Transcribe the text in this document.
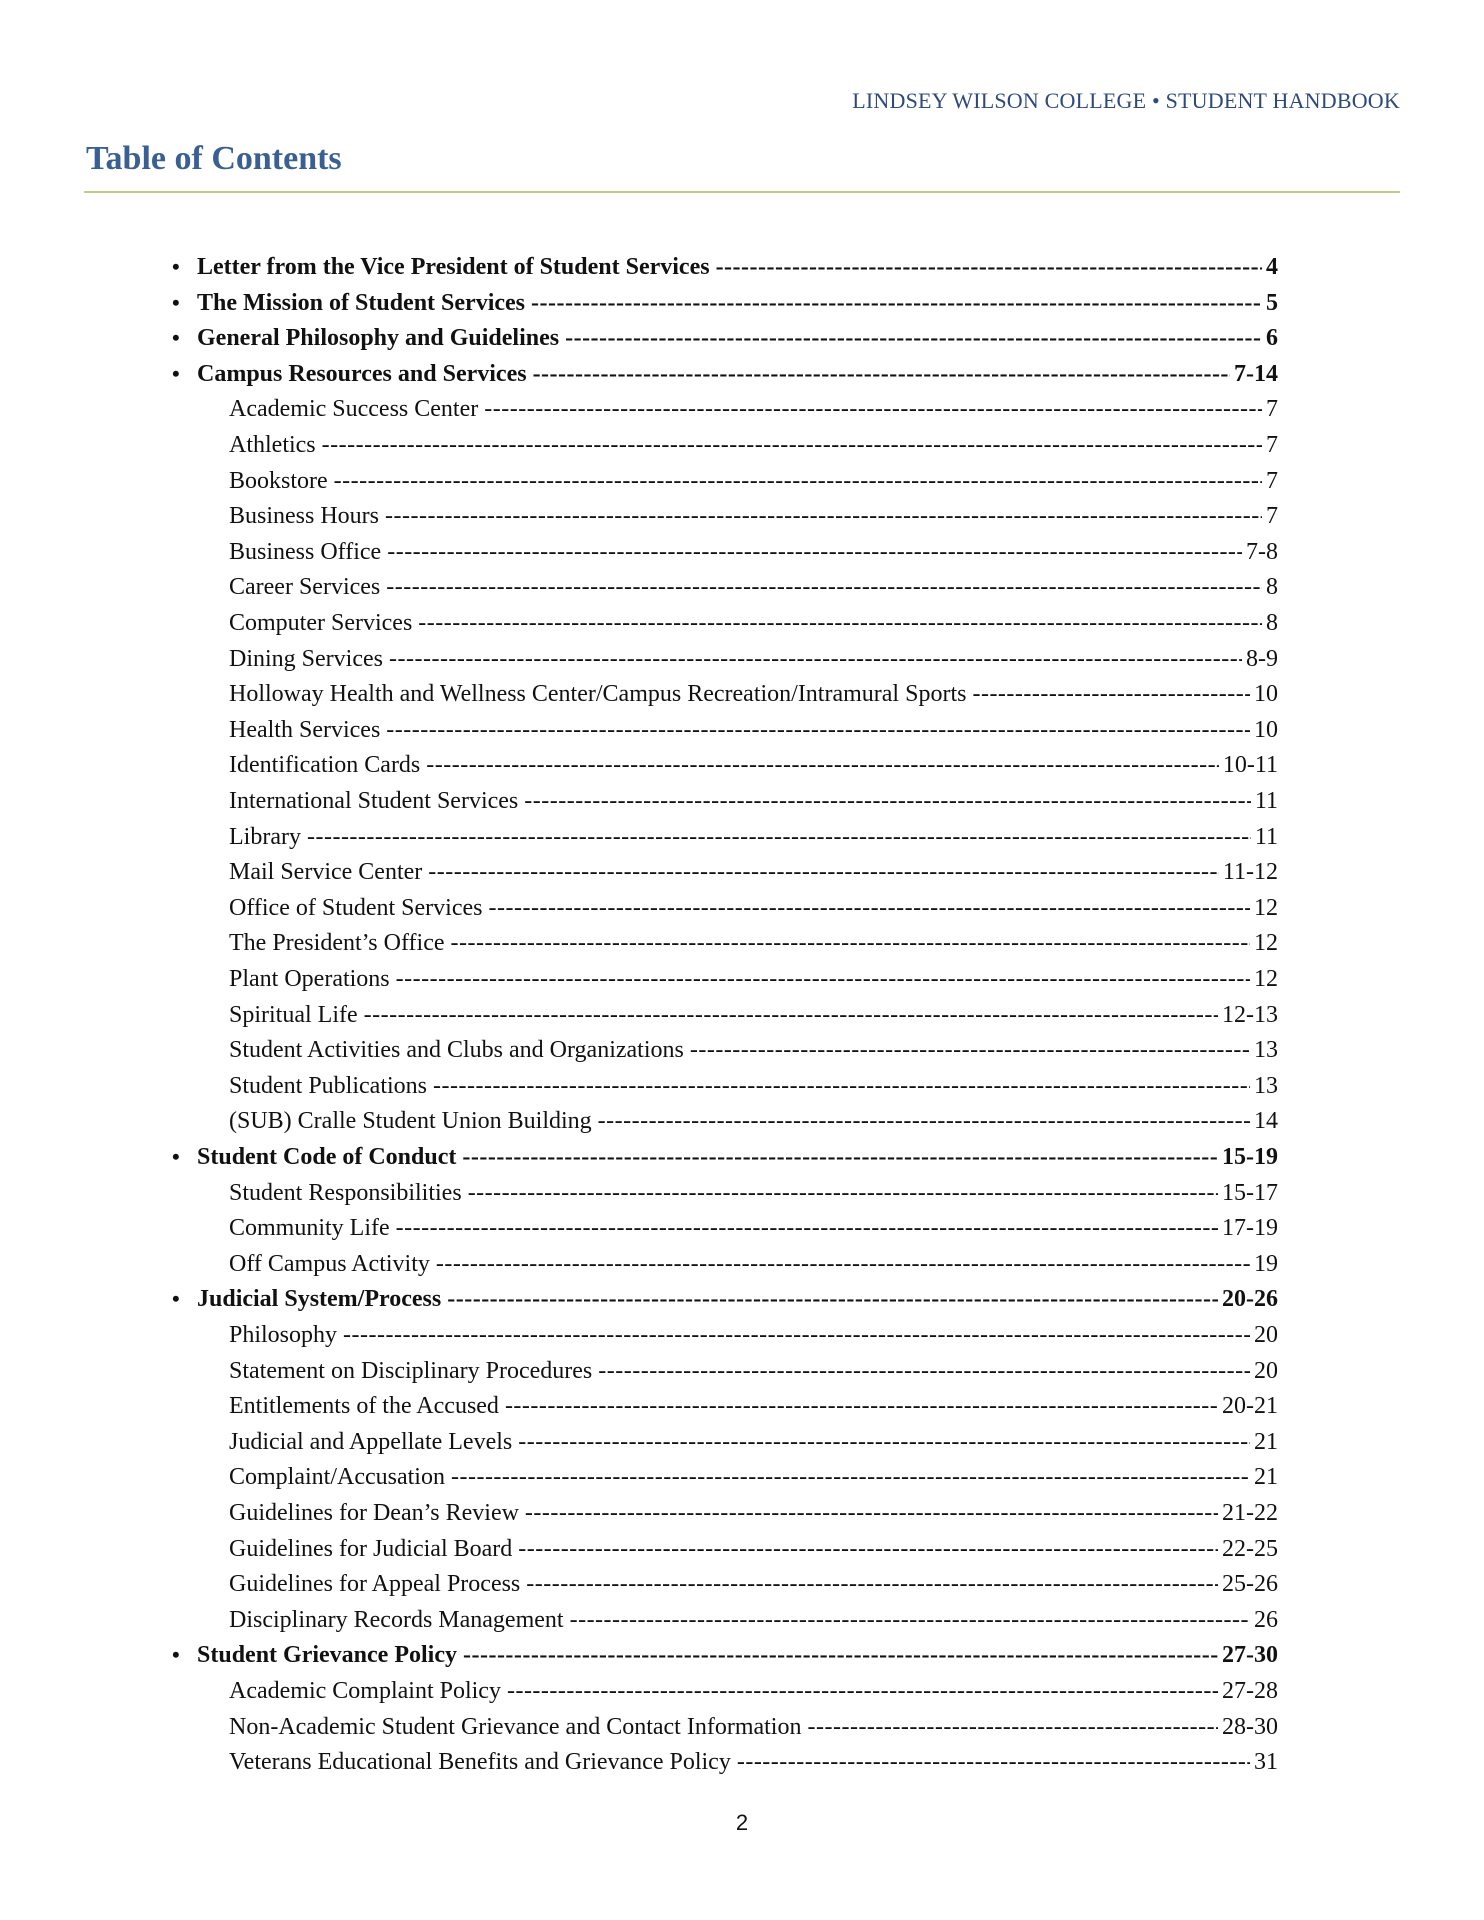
LINDSEY WILSON COLLEGE • STUDENT HANDBOOK
Table of Contents
• Letter from the Vice President of Student Services -----	4
• The Mission of Student Services -----	5
• General Philosophy and Guidelines -----	6
• Campus Resources and Services -----	7-14
Academic Success Center -----	7
Athletics -----	7
Bookstore -----	7
Business Hours -----	7
Business Office -----	7-8
Career Services -----	8
Computer Services -----	8
Dining Services -----	8-9
Holloway Health and Wellness Center/Campus Recreation/Intramural Sports -----	10
Health Services -----	10
Identification Cards -----	10-11
International Student Services -----	11
Library -----	11
Mail Service Center -----	11-12
Office of Student Services -----	12
The President’s Office -----	12
Plant Operations -----	12
Spiritual Life -----	12-13
Student Activities and Clubs and Organizations -----	13
Student Publications -----	13
(SUB) Cralle Student Union Building -----	14
• Student Code of Conduct -----	15-19
Student Responsibilities -----	15-17
Community Life -----	17-19
Off Campus Activity -----	19
• Judicial System/Process -----	20-26
Philosophy -----	20
Statement on Disciplinary Procedures -----	20
Entitlements of the Accused -----	20-21
Judicial and Appellate Levels -----	21
Complaint/Accusation -----	21
Guidelines for Dean’s Review -----	21-22
Guidelines for Judicial Board -----	22-25
Guidelines for Appeal Process -----	25-26
Disciplinary Records Management -----	26
• Student Grievance Policy -----	27-30
Academic Complaint Policy -----	27-28
Non-Academic Student Grievance and Contact Information -----	28-30
Veterans Educational Benefits and Grievance Policy -----	31
2
